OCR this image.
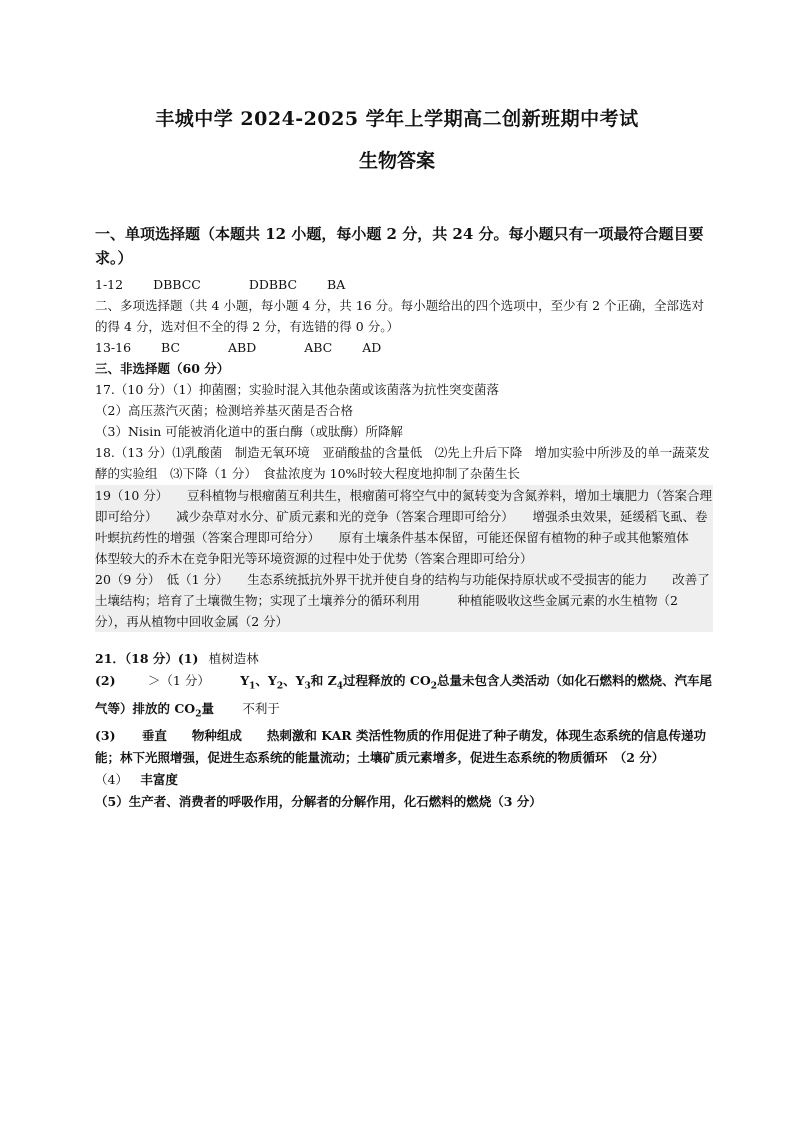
丰城中学 2024-2025 学年上学期高二创新班期中考试
生物答案

一、单项选择题（本题共 12 小题，每小题 2 分，共 24 分。每小题只有一项最符合题目要求。）

1-12 DBBCC	DDBBC BA

二、多项选择题（共 4 小题，每小题 4 分，共 16 分。每小题给出的四个选项中，至少有 2 个正确，全部选对的得 4 分，选对但不全的得 2 分，有选错的得 0 分。）

13-16 BC	ABD	ABC AD

三、非选择题（60 分）

17.（10 分）（1）抑菌圈；实验时混入其他杂菌或该菌落为抗性突变菌落

（2）高压蒸汽灭菌；检测培养基灭菌是否合格

（3）Nisin 可能被消化道中的蛋白酶（或肽酶）所降解

18.（13 分）⑴乳酸菌　制造无氧环境　亚硝酸盐的含量低　⑵先上升后下降　增加实验中所涉及的单一蔬菜发酵的实验组　⑶下降（1 分）　食盐浓度为 10%时较大程度地抑制了杂菌生长

19（10 分）　　豆科植物与根瘤菌互利共生，根瘤菌可将空气中的氮转变为含氮养料，增加土壤肥力（答案合理即可给分）　　减少杂草对水分、矿质元素和光的竞争（答案合理即可给分）　　增强杀虫效果，延缓稻飞虱、卷叶螟抗药性的增强（答案合理即可给分）　　原有土壤条件基本保留，可能还保留有植物的种子或其他繁殖体　　体型较大的乔木在竞争阳光等环境资源的过程中处于优势（答案合理即可给分）

20（9 分）　低（1 分）　　生态系统抵抗外界干扰并使自身的结构与功能保持原状或不受损害的能力　　改善了土壤结构；培育了土壤微生物；实现了土壤养分的循环利用　　　种植能吸收这些金属元素的水生植物（2 分），再从植物中回收金属（2 分）

21．（18 分）(1) 植树造林

(2)	＞（1 分） $Y_1$、$Y_2$、$Y_3$和 $Z_4$过程释放的 $CO_2$总量未包含人类活动（如化石燃料的燃烧、汽车尾气等）排放的 $CO_2$量 不利于

(3) 垂直　　物种组成　　热刺激和 KAR 类活性物质的作用促进了种子萌发，体现生态系统的信息传递功能；林下光照增强，促进生态系统的能量流动；土壤矿质元素增多，促进生态系统的物质循环　（2 分）

（4） 丰富度

（5）生产者、消费者的呼吸作用，分解者的分解作用，化石燃料的燃烧（3 分）
